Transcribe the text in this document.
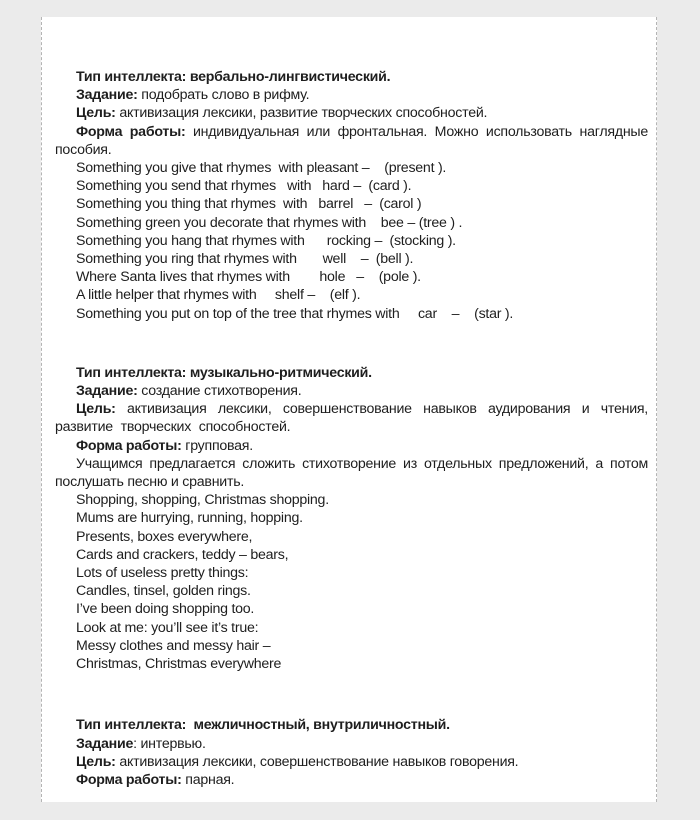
Тип интеллекта: вербально-лингвистический.

Задание: подобрать слово в рифму.

Цель: активизация лексики, развитие творческих способностей.

Форма работы: индивидуальная или фронтальная. Можно использовать наглядные пособия.

Something you give that rhymes  with pleasant –    (present ).

Something you send that rhymes   with   hard –  (card ).

Something you thing that rhymes  with   barrel   –  (carol )

Something green you decorate that rhymes with    bee – (tree ) .

Something you hang that rhymes with      rocking –  (stocking ).

Something you ring that rhymes with       well    –  (bell ).

Where Santa lives that rhymes with        hole   –    (pole ).

A little helper that rhymes with     shelf –    (elf ).

Something you put on top of the tree that rhymes with     car    –    (star ).

Тип интеллекта: музыкально-ритмический.

Задание: создание стихотворения.

Цель: активизация лексики, совершенствование навыков аудирования и чтения, развитие творческих способностей.

Форма работы: групповая.

Учащимся предлагается сложить стихотворение из отдельных предложений, а потом послушать песню и сравнить.

Shopping, shopping, Christmas shopping.

Mums are hurrying, running, hopping.

Presents, boxes everywhere,

Cards and crackers, teddy – bears,

Lots of useless pretty things:

Candles, tinsel, golden rings.

I’ve been doing shopping too.

Look at me: you’ll see it’s true:

Messy clothes and messy hair –

Christmas, Christmas everywhere

Тип интеллекта:  межличностный, внутриличностный.

Задание: интервью.

Цель: активизация лексики, совершенствование навыков говорения.

Форма работы: парная.
